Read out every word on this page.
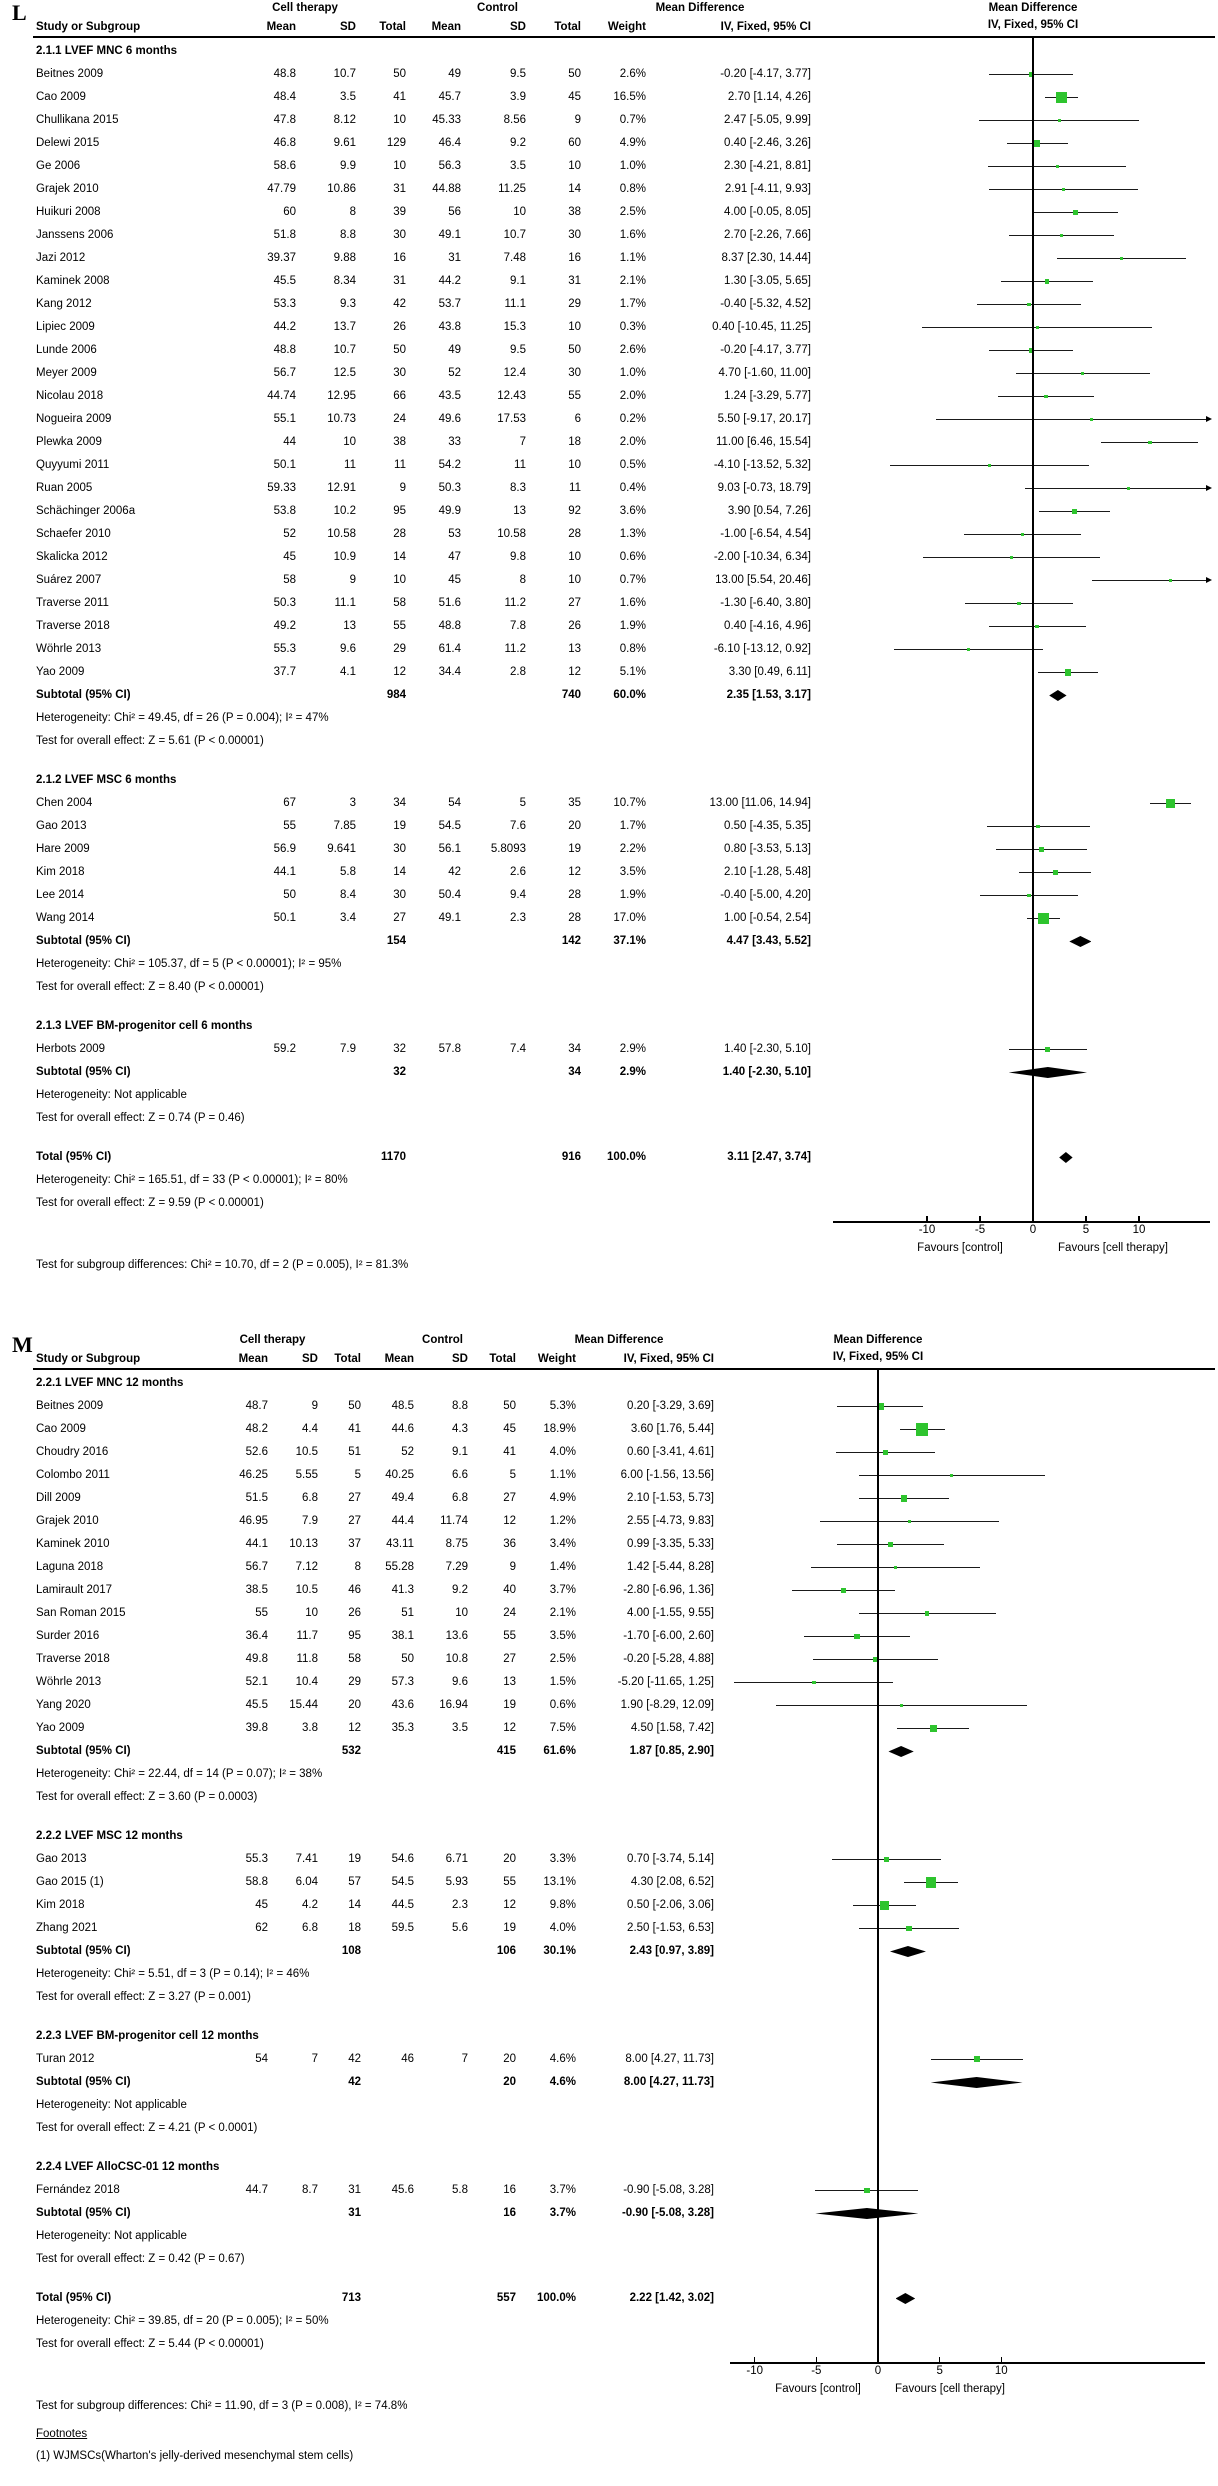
L	Cell therapy	Control	Mean Difference	Mean Difference
Study or Subgroup	Mean	SD	Total	Mean	SD	Total	Weight	IV, Fixed, 95% CI	IV, Fixed, 95% CI
2.1.1 LVEF MNC 6 months
Beitnes 2009	48.8	10.7	50	49	9.5	50	2.6%	-0.20 [-4.17, 3.77]
Cao 2009	48.4	3.5	41	45.7	3.9	45	16.5%	2.70 [1.14, 4.26]
Chullikana 2015	47.8	8.12	10	45.33	8.56	9	0.7%	2.47 [-5.05, 9.99]
Delewi 2015	46.8	9.61	129	46.4	9.2	60	4.9%	0.40 [-2.46, 3.26]
Ge 2006	58.6	9.9	10	56.3	3.5	10	1.0%	2.30 [-4.21, 8.81]
Grajek 2010	47.79	10.86	31	44.88	11.25	14	0.8%	2.91 [-4.11, 9.93]
Huikuri 2008	60	8	39	56	10	38	2.5%	4.00 [-0.05, 8.05]
Janssens 2006	51.8	8.8	30	49.1	10.7	30	1.6%	2.70 [-2.26, 7.66]
Jazi 2012	39.37	9.88	16	31	7.48	16	1.1%	8.37 [2.30, 14.44]
Kaminek 2008	45.5	8.34	31	44.2	9.1	31	2.1%	1.30 [-3.05, 5.65]
Kang 2012	53.3	9.3	42	53.7	11.1	29	1.7%	-0.40 [-5.32, 4.52]
Lipiec 2009	44.2	13.7	26	43.8	15.3	10	0.3%	0.40 [-10.45, 11.25]
Lunde 2006	48.8	10.7	50	49	9.5	50	2.6%	-0.20 [-4.17, 3.77]
Meyer 2009	56.7	12.5	30	52	12.4	30	1.0%	4.70 [-1.60, 11.00]
Nicolau 2018	44.74	12.95	66	43.5	12.43	55	2.0%	1.24 [-3.29, 5.77]
Nogueira 2009	55.1	10.73	24	49.6	17.53	6	0.2%	5.50 [-9.17, 20.17]
Plewka 2009	44	10	38	33	7	18	2.0%	11.00 [6.46, 15.54]
Quyyumi 2011	50.1	11	11	54.2	11	10	0.5%	-4.10 [-13.52, 5.32]
Ruan 2005	59.33	12.91	9	50.3	8.3	11	0.4%	9.03 [-0.73, 18.79]
Schächinger 2006a	53.8	10.2	95	49.9	13	92	3.6%	3.90 [0.54, 7.26]
Schaefer 2010	52	10.58	28	53	10.58	28	1.3%	-1.00 [-6.54, 4.54]
Skalicka 2012	45	10.9	14	47	9.8	10	0.6%	-2.00 [-10.34, 6.34]
Suárez 2007	58	9	10	45	8	10	0.7%	13.00 [5.54, 20.46]
Traverse 2011	50.3	11.1	58	51.6	11.2	27	1.6%	-1.30 [-6.40, 3.80]
Traverse 2018	49.2	13	55	48.8	7.8	26	1.9%	0.40 [-4.16, 4.96]
Wöhrle 2013	55.3	9.6	29	61.4	11.2	13	0.8%	-6.10 [-13.12, 0.92]
Yao 2009	37.7	4.1	12	34.4	2.8	12	5.1%	3.30 [0.49, 6.11]
Subtotal (95% CI)	984	740	60.0%	2.35 [1.53, 3.17]
Heterogeneity: Chi² = 49.45, df = 26 (P = 0.004); I² = 47%
Test for overall effect: Z = 5.61 (P < 0.00001)
2.1.2 LVEF MSC 6 months
Chen 2004	67	3	34	54	5	35	10.7%	13.00 [11.06, 14.94]
Gao 2013	55	7.85	19	54.5	7.6	20	1.7%	0.50 [-4.35, 5.35]
Hare 2009	56.9	9.641	30	56.1	5.8093	19	2.2%	0.80 [-3.53, 5.13]
Kim 2018	44.1	5.8	14	42	2.6	12	3.5%	2.10 [-1.28, 5.48]
Lee 2014	50	8.4	30	50.4	9.4	28	1.9%	-0.40 [-5.00, 4.20]
Wang 2014	50.1	3.4	27	49.1	2.3	28	17.0%	1.00 [-0.54, 2.54]
Subtotal (95% CI)	154	142	37.1%	4.47 [3.43, 5.52]
Heterogeneity: Chi² = 105.37, df = 5 (P < 0.00001); I² = 95%
Test for overall effect: Z = 8.40 (P < 0.00001)
2.1.3 LVEF BM-progenitor cell 6 months
Herbots 2009	59.2	7.9	32	57.8	7.4	34	2.9%	1.40 [-2.30, 5.10]
Subtotal (95% CI)	32	34	2.9%	1.40 [-2.30, 5.10]
Heterogeneity: Not applicable
Test for overall effect: Z = 0.74 (P = 0.46)
Total (95% CI)	1170	916	100.0%	3.11 [2.47, 3.74]
Heterogeneity: Chi² = 165.51, df = 33 (P < 0.00001); I² = 80%
Test for overall effect: Z = 9.59 (P < 0.00001)
-10	-5	0	5	10
Favours [control]	Favours [cell therapy]
Test for subgroup differences: Chi² = 10.70, df = 2 (P = 0.005), I² = 81.3%
M	Cell therapy	Control	Mean Difference	Mean Difference
Study or Subgroup	Mean	SD	Total	Mean	SD	Total	Weight	IV, Fixed, 95% CI	IV, Fixed, 95% CI
2.2.1 LVEF MNC 12 months
Beitnes 2009	48.7	9	50	48.5	8.8	50	5.3%	0.20 [-3.29, 3.69]
Cao 2009	48.2	4.4	41	44.6	4.3	45	18.9%	3.60 [1.76, 5.44]
Choudry 2016	52.6	10.5	51	52	9.1	41	4.0%	0.60 [-3.41, 4.61]
Colombo 2011	46.25	5.55	5	40.25	6.6	5	1.1%	6.00 [-1.56, 13.56]
Dill 2009	51.5	6.8	27	49.4	6.8	27	4.9%	2.10 [-1.53, 5.73]
Grajek 2010	46.95	7.9	27	44.4	11.74	12	1.2%	2.55 [-4.73, 9.83]
Kaminek 2010	44.1	10.13	37	43.11	8.75	36	3.4%	0.99 [-3.35, 5.33]
Laguna 2018	56.7	7.12	8	55.28	7.29	9	1.4%	1.42 [-5.44, 8.28]
Lamirault 2017	38.5	10.5	46	41.3	9.2	40	3.7%	-2.80 [-6.96, 1.36]
San Roman 2015	55	10	26	51	10	24	2.1%	4.00 [-1.55, 9.55]
Surder 2016	36.4	11.7	95	38.1	13.6	55	3.5%	-1.70 [-6.00, 2.60]
Traverse 2018	49.8	11.8	58	50	10.8	27	2.5%	-0.20 [-5.28, 4.88]
Wöhrle 2013	52.1	10.4	29	57.3	9.6	13	1.5%	-5.20 [-11.65, 1.25]
Yang 2020	45.5	15.44	20	43.6	16.94	19	0.6%	1.90 [-8.29, 12.09]
Yao 2009	39.8	3.8	12	35.3	3.5	12	7.5%	4.50 [1.58, 7.42]
Subtotal (95% CI)	532	415	61.6%	1.87 [0.85, 2.90]
Heterogeneity: Chi² = 22.44, df = 14 (P = 0.07); I² = 38%
Test for overall effect: Z = 3.60 (P = 0.0003)
2.2.2 LVEF MSC 12 months
Gao 2013	55.3	7.41	19	54.6	6.71	20	3.3%	0.70 [-3.74, 5.14]
Gao 2015 (1)	58.8	6.04	57	54.5	5.93	55	13.1%	4.30 [2.08, 6.52]
Kim 2018	45	4.2	14	44.5	2.3	12	9.8%	0.50 [-2.06, 3.06]
Zhang 2021	62	6.8	18	59.5	5.6	19	4.0%	2.50 [-1.53, 6.53]
Subtotal (95% CI)	108	106	30.1%	2.43 [0.97, 3.89]
Heterogeneity: Chi² = 5.51, df = 3 (P = 0.14); I² = 46%
Test for overall effect: Z = 3.27 (P = 0.001)
2.2.3 LVEF BM-progenitor cell 12 months
Turan 2012	54	7	42	46	7	20	4.6%	8.00 [4.27, 11.73]
Subtotal (95% CI)	42	20	4.6%	8.00 [4.27, 11.73]
Heterogeneity: Not applicable
Test for overall effect: Z = 4.21 (P < 0.0001)
2.2.4 LVEF AlloCSC-01 12 months
Fernández 2018	44.7	8.7	31	45.6	5.8	16	3.7%	-0.90 [-5.08, 3.28]
Subtotal (95% CI)	31	16	3.7%	-0.90 [-5.08, 3.28]
Heterogeneity: Not applicable
Test for overall effect: Z = 0.42 (P = 0.67)
Total (95% CI)	713	557	100.0%	2.22 [1.42, 3.02]
Heterogeneity: Chi² = 39.85, df = 20 (P = 0.005); I² = 50%
Test for overall effect: Z = 5.44 (P < 0.00001)
-10	-5	0	5	10
Favours [control]	Favours [cell therapy]
Test for subgroup differences: Chi² = 11.90, df = 3 (P = 0.008), I² = 74.8%
Footnotes
(1) WJMSCs(Wharton's jelly-derived mesenchymal stem cells)
